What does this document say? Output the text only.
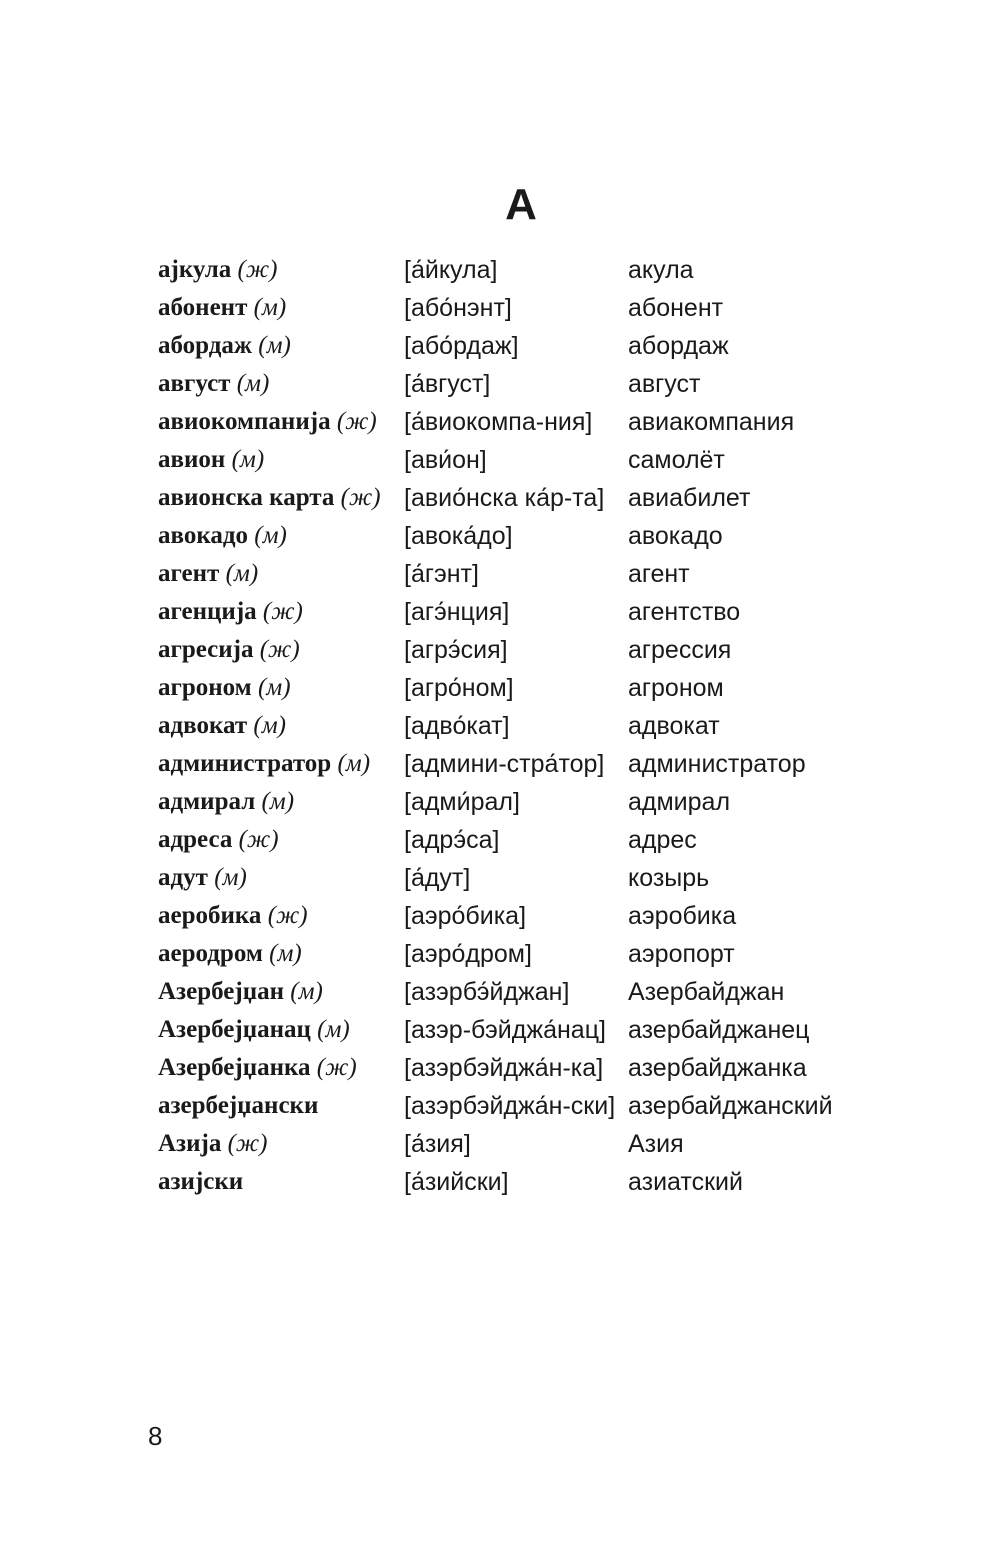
А
ајкула (ж)	[а́йкула]	акула
абонент (м)	[або́нэнт]	абонент
абордаж (м)	[або́рдаж]	абордаж
август (м)	[а́вгуст]	август
авиокомпанија (ж)	[а́виокомпа-ния]	авиакомпания
авион (м)	[ави́он]	самолёт
авионска карта (ж) [авио́нска ка́р-та] авиабилет
авокадо (м)	[авока́до]	авокадо
агент (м)	[а́гэнт]	агент
агенција (ж)	[агэ́нция]	агентство
агресија (ж)	[агрэ́сия]	агрессия
агроном (м)	[агро́ном]	агроном
адвокат (м)	[адво́кат]	адвокат
администратор (м)	[админи-стра́тор] администратор
адмирал (м)	[адми́рал]	адмирал
адреса (ж)	[адрэ́са]	адрес
адут (м)	[а́дут]	козырь
аеробика (ж)	[аэро́бика]	аэробика
аеродром (м)	[аэро́дром]	аэропорт
Азербејџан (м)	[азэрбэ́йджан]	Азербайджан
Азербејџанац (м)	[азэр-бэйджа́нац] азербайджанец
Азербејџанка (ж)	[азэрбэйджа́н-ка] азербайджанка
азербејџански	[азэрбэйджа́н-ски] азербайджанский
Азија (ж)	[а́зия]	Азия
азијски	[а́зийски]	азиатский
8
